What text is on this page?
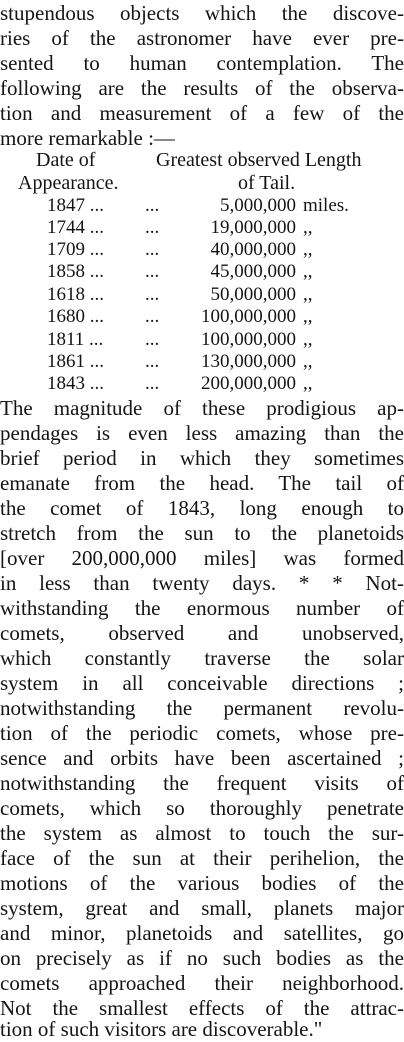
stupendous objects which the discove-
ries of the astronomer have ever pre-
sented to human contemplation. The
following are the results of the observa-
tion and measurement of a few of the
more remarkable :—
Date of
Appearance.
Greatest observed Length
of Tail.
1847 ... ...	5,000,000 miles.
1744 ... ...	19,000,000 ,,
1709 ... ...	40,000,000 ,,
1858 ... ...	45,000,000 ,,
1618 ... ...	50,000,000 ,,
1680 ... ...	100,000,000 ,,
1811 ... ...	100,000,000 ,,
1861 ... ...	130,000,000 ,,
1843 ... ...	200,000,000 ,,
The magnitude of these prodigious ap-
pendages is even less amazing than the
brief period in which they sometimes
emanate from the head. The tail of
the comet of 1843, long enough to
stretch from the sun to the planetoids
[over 200,000,000 miles] was formed
in less than twenty days. * * Not-
withstanding the enormous number of
comets, observed and unobserved,
which constantly traverse the solar
system in all conceivable directions ;
notwithstanding the permanent revolu-
tion of the periodic comets, whose pre-
sence and orbits have been ascertained ;
notwithstanding the frequent visits of
comets, which so thoroughly penetrate
the system as almost to touch the sur-
face of the sun at their perihelion, the
motions of the various bodies of the
system, great and small, planets major
and minor, planetoids and satellites, go
on precisely as if no such bodies as the
comets approached their neighborhood.
Not the smallest effects of the attrac-
tion of such visitors are discoverable."
